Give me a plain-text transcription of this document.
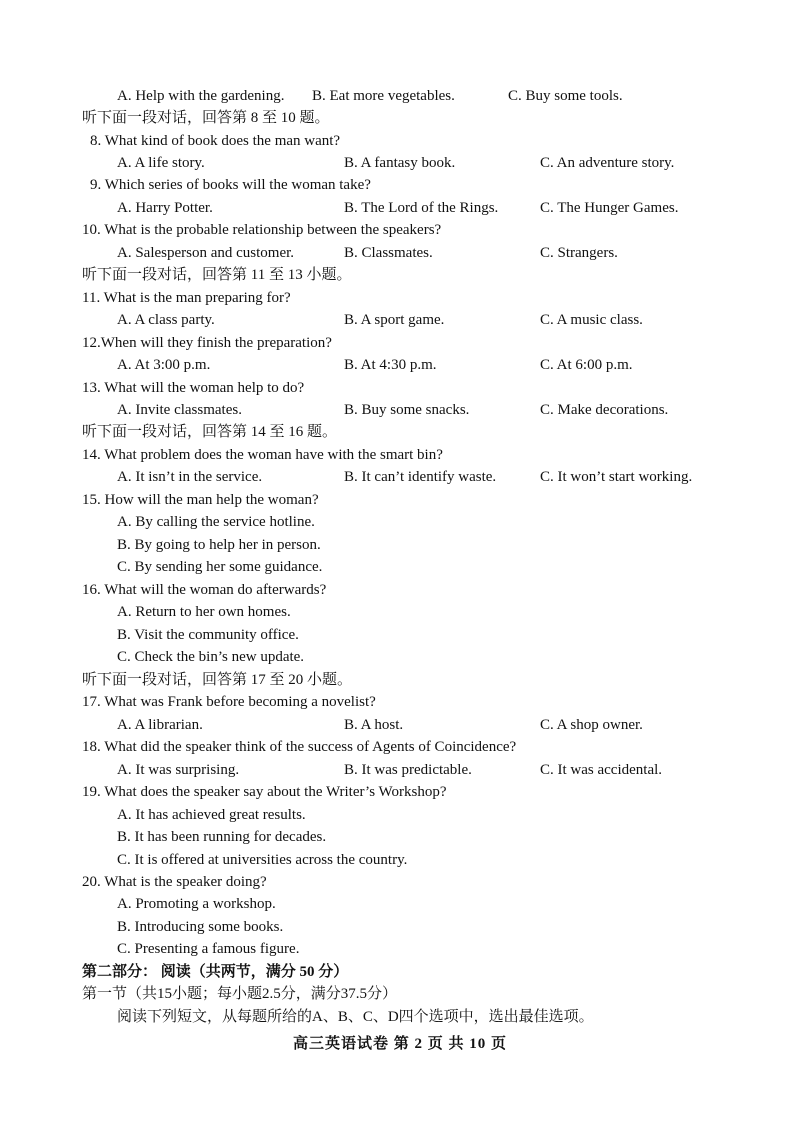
A. Help with the gardening. B. Eat more vegetables.	C. Buy some tools.
听下面一段对话，回答第 8 至 10 题。
8. What kind of book does the man want?
A. A life story.	B. A fantasy book.	C. An adventure story.
9. Which series of books will the woman take?
A. Harry Potter.	B. The Lord of the Rings.	C. The Hunger Games.
10. What is the probable relationship between the speakers?
A. Salesperson and customer.	B. Classmates.	C. Strangers.
听下面一段对话，回答第 11 至 13 小题。
11. What is the man preparing for?
A. A class party.	B. A sport game.	C. A music class.
12.When will they finish the preparation?
A. At 3:00 p.m.	B. At 4:30 p.m.	C. At 6:00 p.m.
13. What will the woman help to do?
A. Invite classmates.	B. Buy some snacks.	C. Make decorations.
听下面一段对话，回答第 14 至 16 题。
14. What problem does the woman have with the smart bin?
A. It isn’t in the service.	B. It can’t identify waste.	C. It won’t start working.
15. How will the man help the woman?
A. By calling the service hotline.
B. By going to help her in person.
C. By sending her some guidance.
16. What will the woman do afterwards?
A. Return to her own homes.
B. Visit the community office.
C. Check the bin’s new update.
听下面一段对话，回答第 17 至 20 小题。
17. What was Frank before becoming a novelist?
A. A librarian.	B. A host.	C. A shop owner.
18. What did the speaker think of the success of Agents of Coincidence?
A. It was surprising.	B. It was predictable.	C. It was accidental.
19. What does the speaker say about the Writer’s Workshop?
A. It has achieved great results.
B. It has been running for decades.
C. It is offered at universities across the country.
20. What is the speaker doing?
A. Promoting a workshop.
B. Introducing some books.
C. Presenting a famous figure.
第二部分： 阅读（共两节，满分 50 分）
第一节（共15小题；每小题2.5分，满分37.5分）
阅读下列短文，从每题所给的A、B、C、D四个选项中，选出最佳选项。
高三英语试卷 第 2 页 共 10 页
